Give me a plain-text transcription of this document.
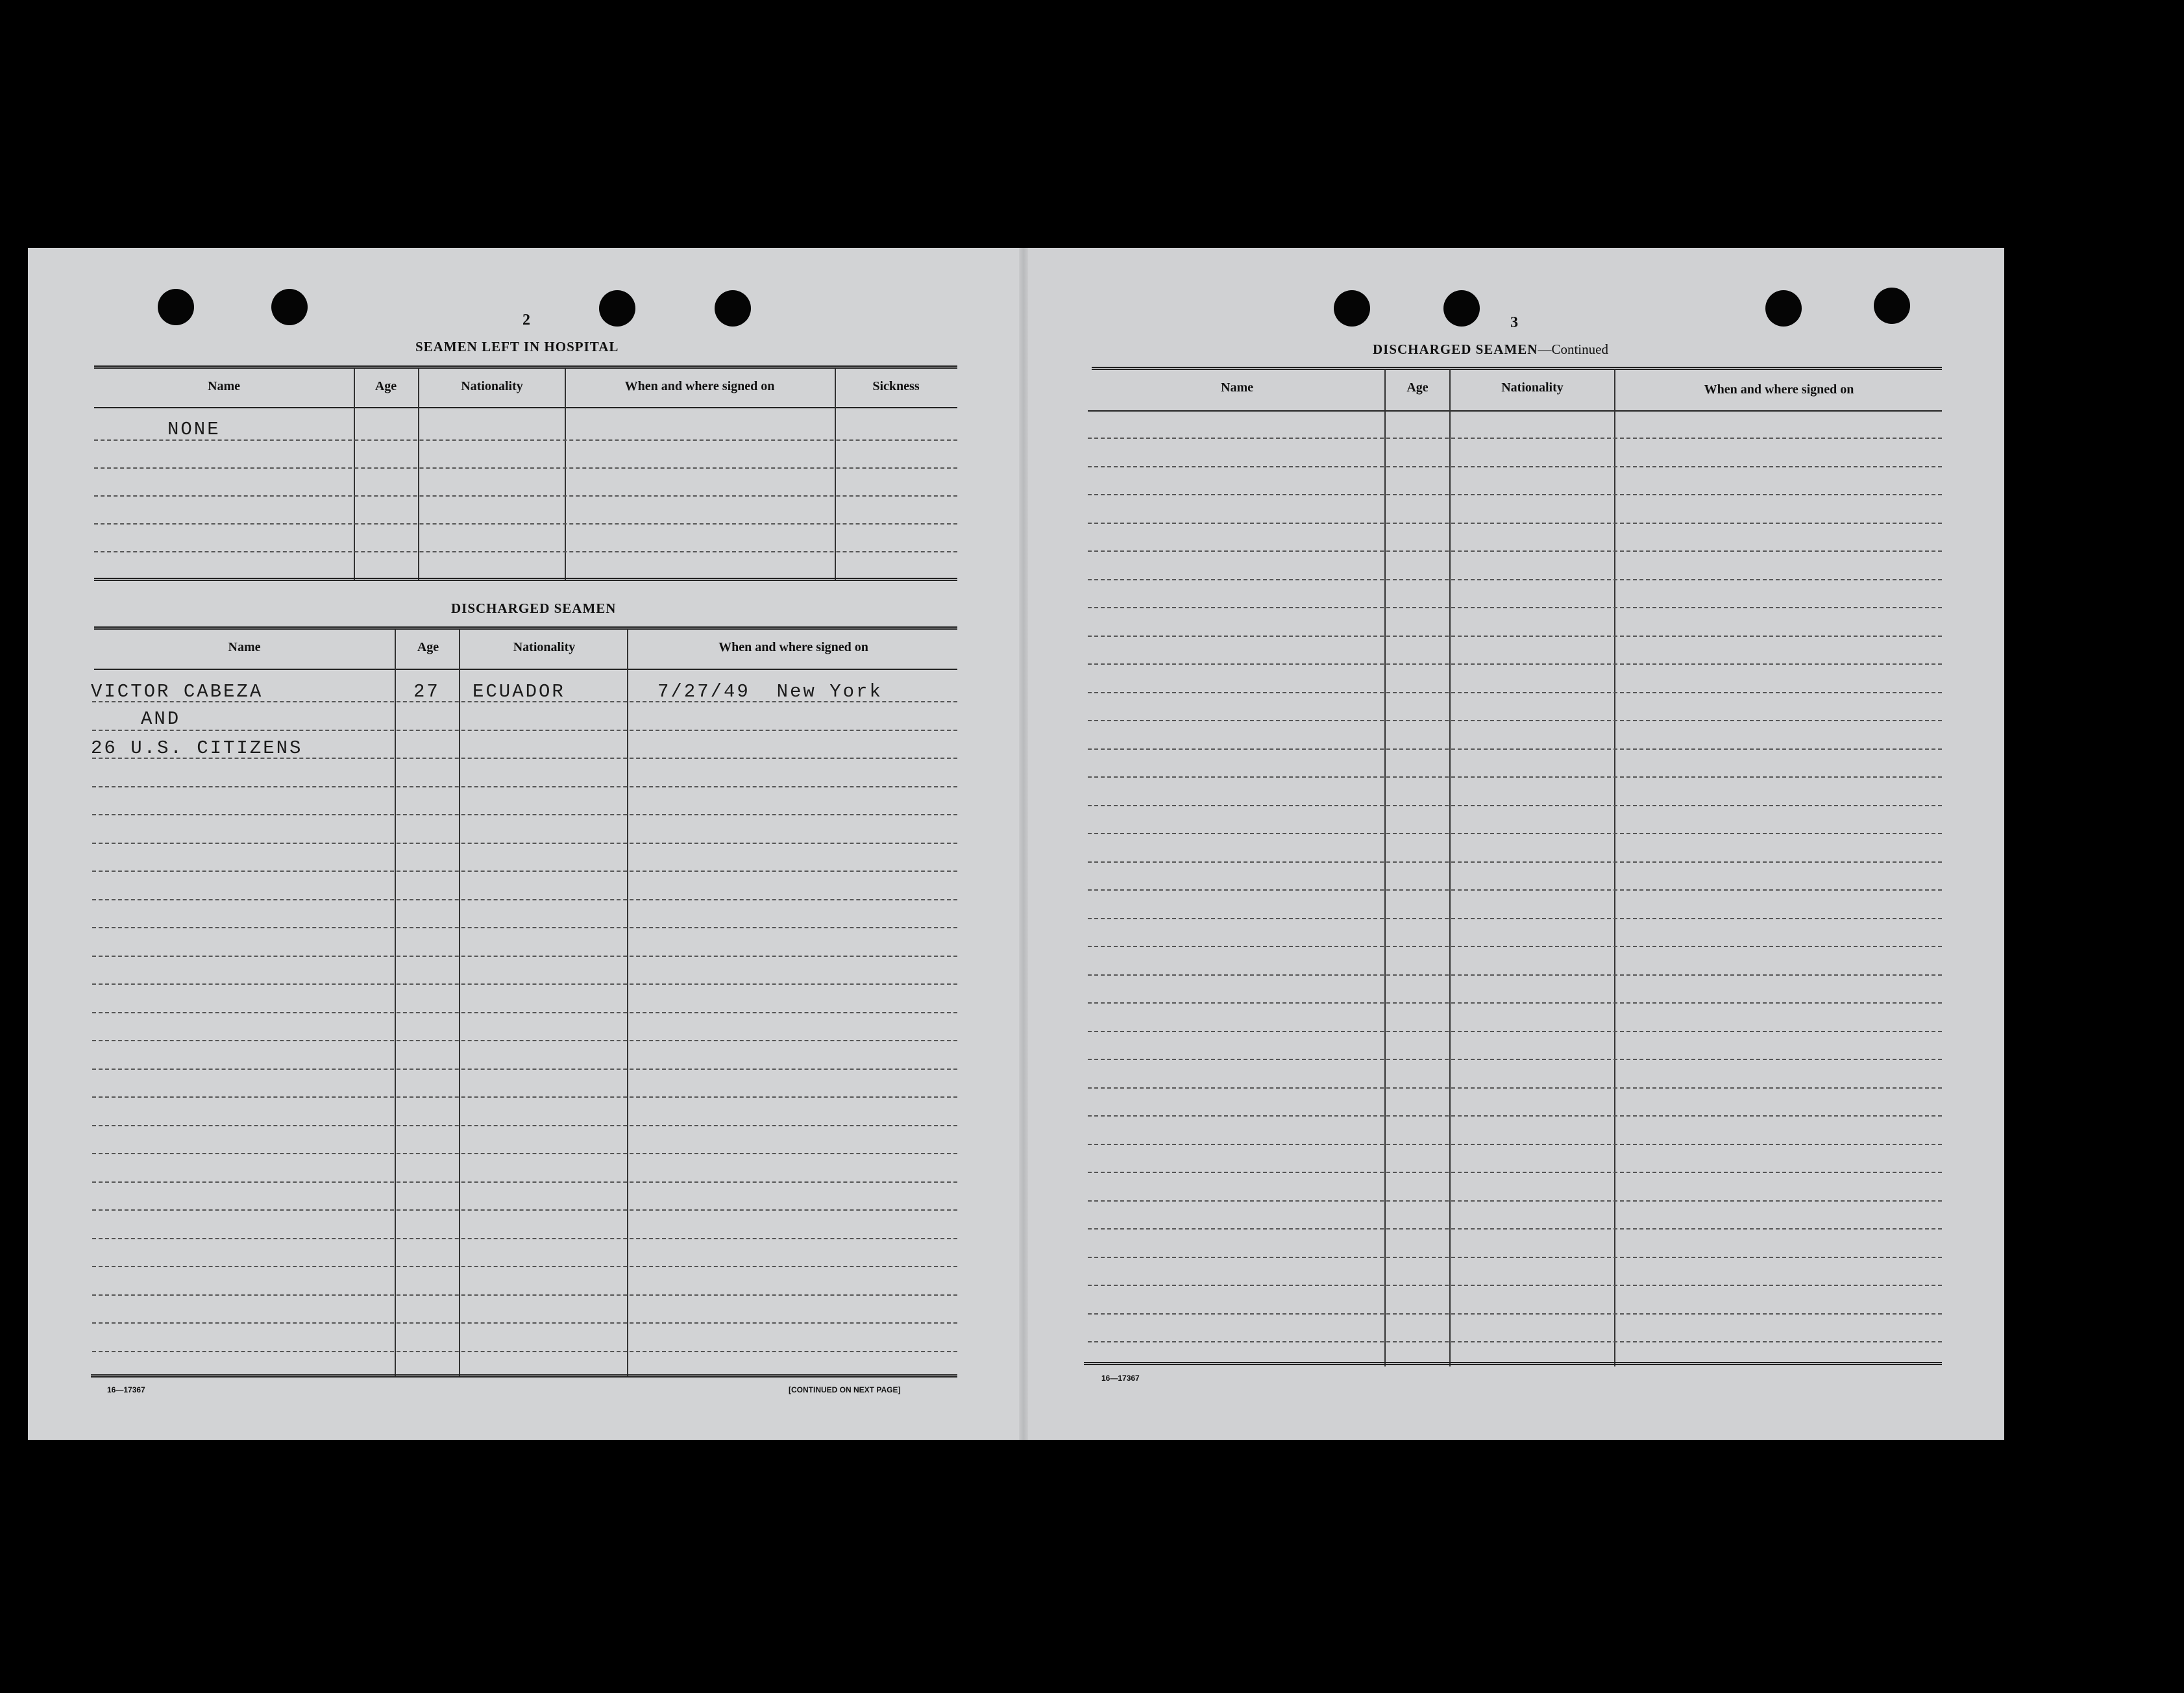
2
SEAMEN LEFT IN HOSPITAL
Name	Age	Nationality	When and where signed on	Sickness
NONE
DISCHARGED SEAMEN
Name	Age	Nationality	When and where signed on
VICTOR CABEZA	27 ECUADOR	7/27/49  New York
AND
26 U.S. CITIZENS
16—17367	[CONTINUED ON NEXT PAGE]
3
DISCHARGED SEAMEN—Continued
Name	Age	Nationality	When and where signed on
16—17367
